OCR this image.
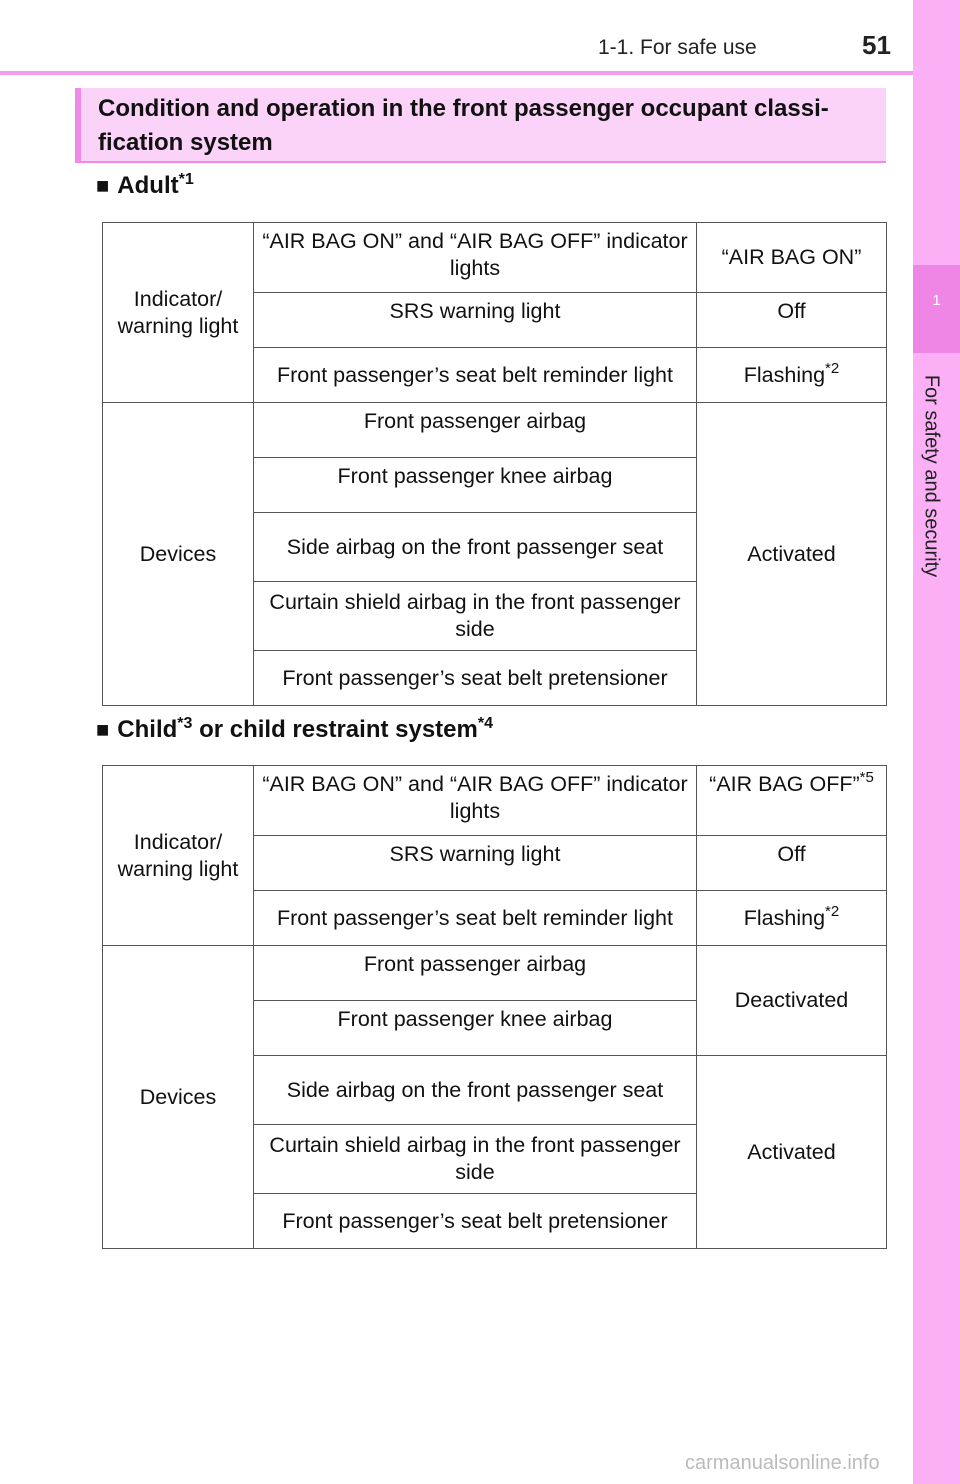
1-1. For safe use	51
1
For safety and security
Condition and operation in the front passenger occupant classi-fication system
■ Adult$^{*1}$
Indicator/ warning light	“AIR BAG ON” and “AIR BAG OFF” indicator lights	“AIR BAG ON”
	SRS warning light	Off
	Front passenger’s seat belt reminder light	Flashing$^{*2}$
Devices	Front passenger airbag	Activated
	Front passenger knee airbag	
	Side airbag on the front passenger seat	
	Curtain shield airbag in the front passenger side	
	Front passenger’s seat belt pretensioner	
■ Child$^{*3}$ or child restraint system$^{*4}$
Indicator/ warning light	“AIR BAG ON” and “AIR BAG OFF” indicator lights	“AIR BAG OFF”$^{*5}$
	SRS warning light	Off
	Front passenger’s seat belt reminder light	Flashing$^{*2}$
Devices	Front passenger airbag	Deactivated
	Front passenger knee airbag	
	Side airbag on the front passenger seat	Activated
	Curtain shield airbag in the front passenger side	
	Front passenger’s seat belt pretensioner	
carmanualsonline.info
